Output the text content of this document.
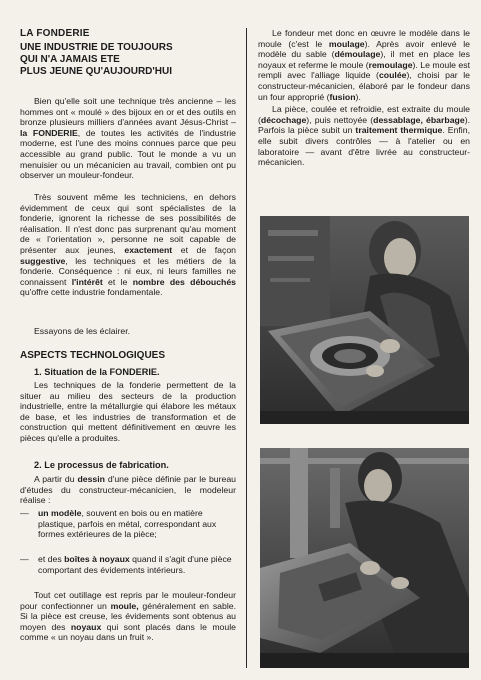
LA FONDERIE
UNE INDUSTRIE DE TOUJOURS
QUI N'A JAMAIS ETE
PLUS JEUNE QU'AUJOURD'HUI

Bien qu'elle soit une technique très ancienne – les hommes ont « moulé » des bijoux en or et des outils en bronze plusieurs milliers d'années avant Jésus-Christ – la FONDERIE, de toutes les activités de l'industrie moderne, est l'une des moins connues parce que peu accessible au grand public. Tout le monde a vu un menuisier ou un mécanicien au travail, combien ont pu observer un mouleur-fondeur.

Très souvent même les techniciens, en dehors évidemment de ceux qui sont spécialistes de la fonderie, ignorent la richesse de ses possibilités de réalisation. Il n'est donc pas surprenant qu'au moment de « l'orientation », personne ne soit capable de présenter aux jeunes, exactement et de façon suggestive, les techniques et les métiers de la fonderie. Conséquence : ni eux, ni leurs familles ne connaissent l'intérêt et le nombre des débouchés qu'offre cette industrie fondamentale.

Essayons de les éclairer.

ASPECTS TECHNOLOGIQUES
1. Situation de la FONDERIE.

Les techniques de la fonderie permettent de la situer au milieu des secteurs de la production industrielle, entre la métallurgie qui élabore les métaux de base, et les industries de transformation et de construction qui mettent définitivement en œuvre les pièces qu'elle a produites.

2. Le processus de fabrication.

A partir du dessin d'une pièce définie par le bureau d'études du constructeur-mécanicien, le modeleur réalise :

—	un modèle, souvent en bois ou en matière plastique, parfois en métal, correspondant aux formes extérieures de la pièce;
—	et des boîtes à noyaux quand il s'agit d'une pièce comportant des évidements intérieurs.

Tout cet outillage est repris par le mouleur-fondeur pour confectionner un moule, généralement en sable. Si la pièce est creuse, les évidements sont obtenus au moyen des noyaux qui sont placés dans le moule comme « un noyau dans un fruit ».

Le fondeur met donc en œuvre le modèle dans le moule (c'est le moulage). Après avoir enlevé le modèle du sable (démoulage), il met en place les noyaux et referme le moule (remoulage). Le moule est rempli avec l'alliage liquide (coulée), choisi par le constructeur-mécanicien, élaboré par le fondeur dans un four approprié (fusion).

La pièce, coulée et refroidie, est extraite du moule (décochage), puis nettoyée (dessablage, ébarbage). Parfois la pièce subit un traitement thermique. Enfin, elle subit divers contrôles — à l'atelier ou en laboratoire — avant d'être livrée au constructeur-mécanicien.
